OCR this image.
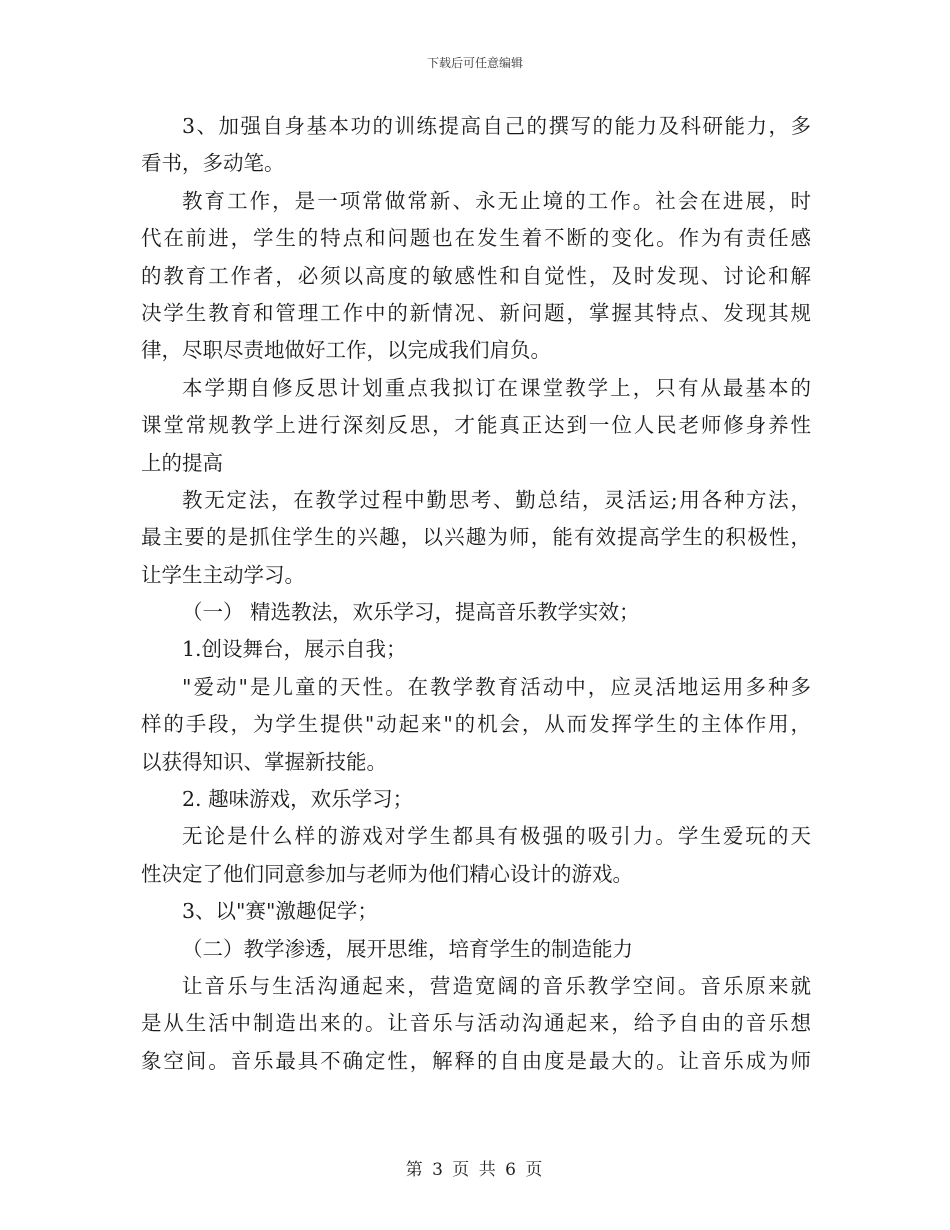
下载后可任意编辑
3、加强自身基本功的训练提高自己的撰写的能力及科研能力，多
看书，多动笔。
教育工作，是一项常做常新、永无止境的工作。社会在进展，时
代在前进，学生的特点和问题也在发生着不断的变化。作为有责任感
的教育工作者，必须以高度的敏感性和自觉性，及时发现、讨论和解
决学生教育和管理工作中的新情况、新问题，掌握其特点、发现其规
律，尽职尽责地做好工作，以完成我们肩负。
本学期自修反思计划重点我拟订在课堂教学上，只有从最基本的
课堂常规教学上进行深刻反思，才能真正达到一位人民老师修身养性
上的提高
教无定法，在教学过程中勤思考、勤总结，灵活运;用各种方法，
最主要的是抓住学生的兴趣，以兴趣为师，能有效提高学生的积极性，
让学生主动学习。
（一） 精选教法，欢乐学习，提高音乐教学实效；
1.创设舞台，展示自我；
"爱动"是儿童的天性。在教学教育活动中，应灵活地运用多种多
样的手段，为学生提供"动起来"的机会，从而发挥学生的主体作用，
以获得知识、掌握新技能。
2. 趣味游戏，欢乐学习；
无论是什么样的游戏对学生都具有极强的吸引力。学生爱玩的天
性决定了他们同意参加与老师为他们精心设计的游戏。
3、以"赛"激趣促学；
（二）教学渗透，展开思维，培育学生的制造能力
让音乐与生活沟通起来，营造宽阔的音乐教学空间。音乐原来就
是从生活中制造出来的。让音乐与活动沟通起来，给予自由的音乐想
象空间。音乐最具不确定性，解释的自由度是最大的。让音乐成为师
第 3 页 共 6 页
